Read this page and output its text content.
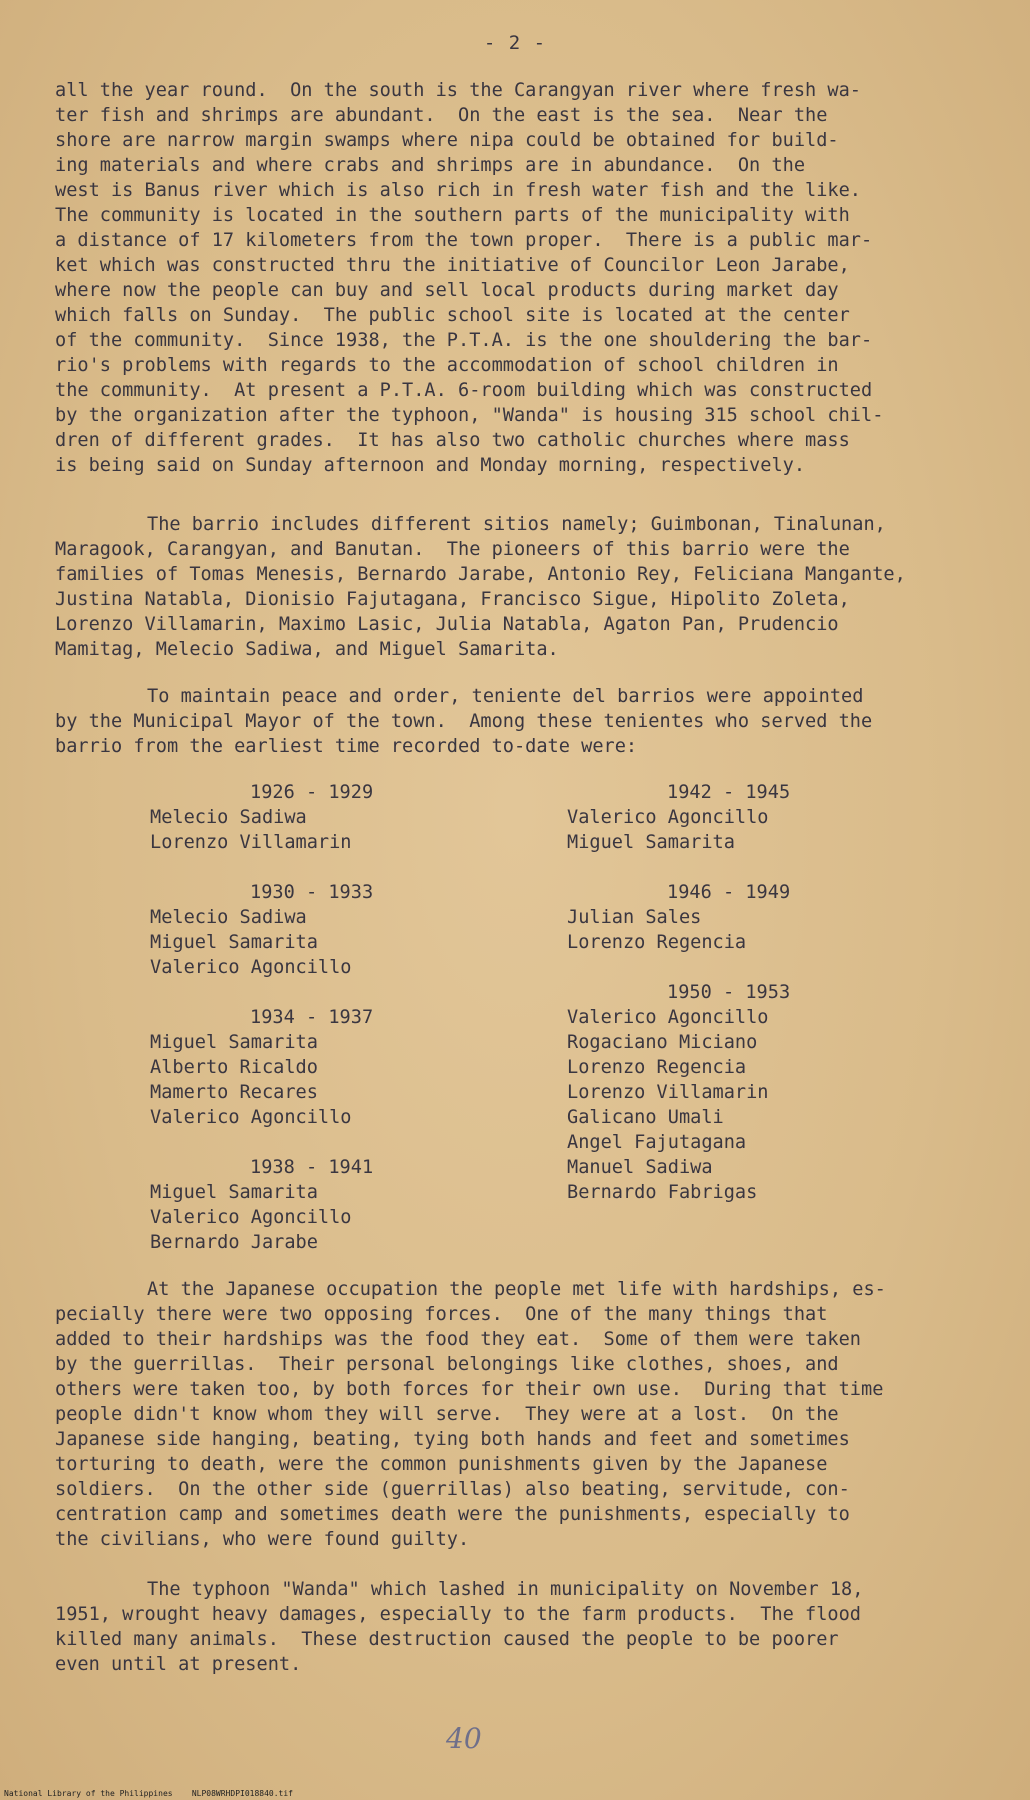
- 2 -
all the year round.  On the south is the Carangyan river where fresh wa-
ter fish and shrimps are abundant.  On the east is the sea.  Near the
shore are narrow margin swamps where nipa could be obtained for build-
ing materials and where crabs and shrimps are in abundance.  On the
west is Banus river which is also rich in fresh water fish and the like.
The community is located in the southern parts of the municipality with
a distance of 17 kilometers from the town proper.  There is a public mar-
ket which was constructed thru the initiative of Councilor Leon Jarabe,
where now the people can buy and sell local products during market day
which falls on Sunday.  The public school site is located at the center
of the community.  Since 1938, the P.T.A. is the one shouldering the bar-
rio's problems with regards to the accommodation of school children in
the community.  At present a P.T.A. 6-room building which was constructed
by the organization after the typhoon, "Wanda" is housing 315 school chil-
dren of different grades.  It has also two catholic churches where mass
is being said on Sunday afternoon and Monday morning, respectively.
The barrio includes different sitios namely; Guimbonan, Tinalunan,
Maragook, Carangyan, and Banutan.  The pioneers of this barrio were the
families of Tomas Menesis, Bernardo Jarabe, Antonio Rey, Feliciana Mangante,
Justina Natabla, Dionisio Fajutagana, Francisco Sigue, Hipolito Zoleta,
Lorenzo Villamarin, Maximo Lasic, Julia Natabla, Agaton Pan, Prudencio
Mamitag, Melecio Sadiwa, and Miguel Samarita.
To maintain peace and order, teniente del barrios were appointed
by the Municipal Mayor of the town.  Among these tenientes who served the
barrio from the earliest time recorded to-date were:
1926 - 1929
Melecio Sadiwa
Lorenzo Villamarin
1930 - 1933
Melecio Sadiwa
Miguel Samarita
Valerico Agoncillo
1934 - 1937
Miguel Samarita
Alberto Ricaldo
Mamerto Recares
Valerico Agoncillo
1938 - 1941
Miguel Samarita
Valerico Agoncillo
Bernardo Jarabe
1942 - 1945
Valerico Agoncillo
Miguel Samarita
1946 - 1949
Julian Sales
Lorenzo Regencia
1950 - 1953
Valerico Agoncillo
Rogaciano Miciano
Lorenzo Regencia
Lorenzo Villamarin
Galicano Umali
Angel Fajutagana
Manuel Sadiwa
Bernardo Fabrigas
At the Japanese occupation the people met life with hardships, es-
pecially there were two opposing forces.  One of the many things that
added to their hardships was the food they eat.  Some of them were taken
by the guerrillas.  Their personal belongings like clothes, shoes, and
others were taken too, by both forces for their own use.  During that time
people didn't know whom they will serve.  They were at a lost.  On the
Japanese side hanging, beating, tying both hands and feet and sometimes
torturing to death, were the common punishments given by the Japanese
soldiers.  On the other side (guerrillas) also beating, servitude, con-
centration camp and sometimes death were the punishments, especially to
the civilians, who were found guilty.
The typhoon "Wanda" which lashed in municipality on November 18,
1951, wrought heavy damages, especially to the farm products.  The flood
killed many animals.  These destruction caused the people to be poorer
even until at present.
40
National Library of the Philippines    NLP08WRHDPI018840.tif
